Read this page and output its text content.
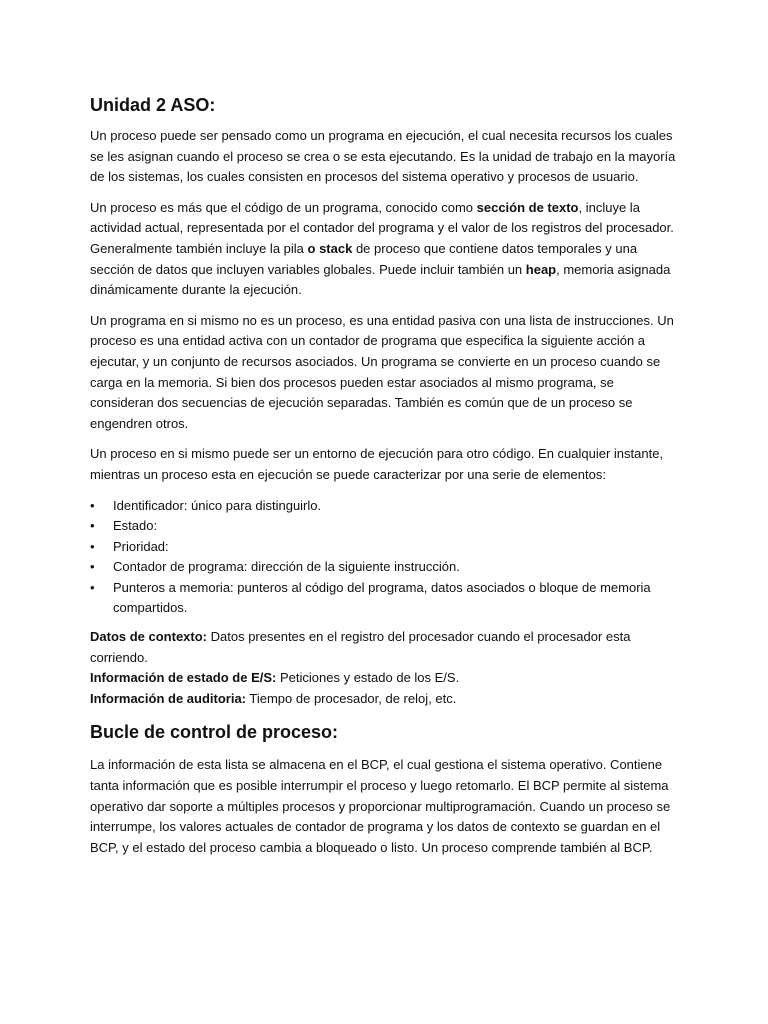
Unidad 2 ASO:

Un proceso puede ser pensado como un programa en ejecución, el cual necesita recursos los cuales se les asignan cuando el proceso se crea o se esta ejecutando. Es la unidad de trabajo en la mayoría de los sistemas, los cuales consisten en procesos del sistema operativo y procesos de usuario.

Un proceso es más que el código de un programa, conocido como sección de texto, incluye la actividad actual, representada por el contador del programa y el valor de los registros del procesador. Generalmente también incluye la pila o stack de proceso que contiene datos temporales y una sección de datos que incluyen variables globales. Puede incluir también un heap, memoria asignada dinámicamente durante la ejecución.

Un programa en si mismo no es un proceso, es una entidad pasiva con una lista de instrucciones. Un proceso es una entidad activa con un contador de programa que especifica la siguiente acción a ejecutar, y un conjunto de recursos asociados. Un programa se convierte en un proceso cuando se carga en la memoria. Si bien dos procesos pueden estar asociados al mismo programa, se consideran dos secuencias de ejecución separadas. También es común que de un proceso se engendren otros.

Un proceso en si mismo puede ser un entorno de ejecución para otro código. En cualquier instante, mientras un proceso esta en ejecución se puede caracterizar por una serie de elementos:

• Identificador: único para distinguirlo.
• Estado:
• Prioridad:
• Contador de programa: dirección de la siguiente instrucción.
• Punteros a memoria: punteros al código del programa, datos asociados o bloque de memoria compartidos.

Datos de contexto: Datos presentes en el registro del procesador cuando el procesador esta corriendo.

Información de estado de E/S: Peticiones y estado de los E/S.

Información de auditoria: Tiempo de procesador, de reloj, etc.

Bucle de control de proceso:

La información de esta lista se almacena en el BCP, el cual gestiona el sistema operativo. Contiene tanta información que es posible interrumpir el proceso y luego retomarlo. El BCP permite al sistema operativo dar soporte a múltiples procesos y proporcionar multiprogramación. Cuando un proceso se interrumpe, los valores actuales de contador de programa y los datos de contexto se guardan en el BCP, y el estado del proceso cambia a bloqueado o listo. Un proceso comprende también al BCP.
